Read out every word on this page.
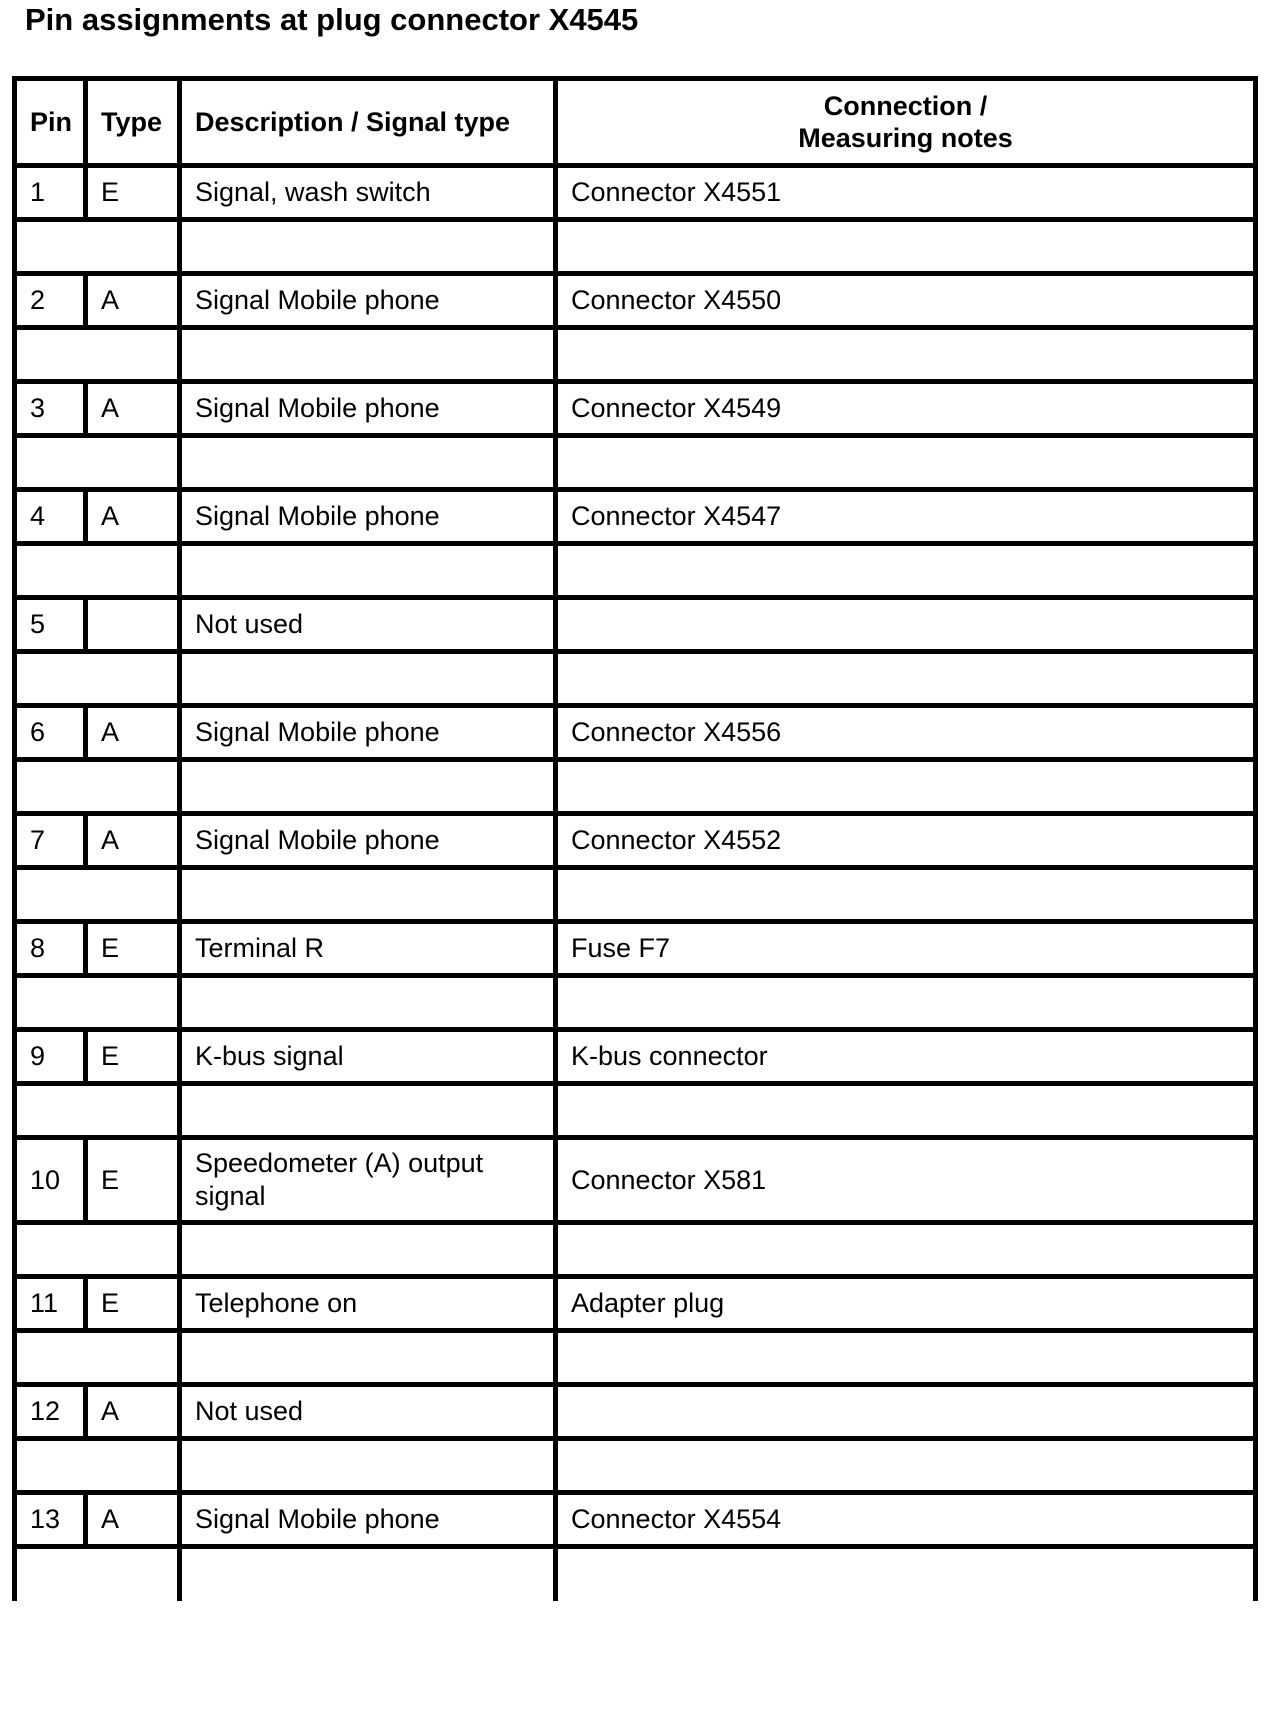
Pin assignments at plug connector X4545
Pin	Type	Description / Signal type	Connection /
Measuring notes
1	E	Signal, wash switch	Connector X4551

2	A	Signal Mobile phone	Connector X4550

3	A	Signal Mobile phone	Connector X4549

4	A	Signal Mobile phone	Connector X4547

5		Not used	

6	A	Signal Mobile phone	Connector X4556

7	A	Signal Mobile phone	Connector X4552

8	E	Terminal R	Fuse F7

9	E	K-bus signal	K-bus connector

10	E	Speedometer (A) output
signal	Connector X581

11	E	Telephone on	Adapter plug

12	A	Not used	

13	A	Signal Mobile phone	Connector X4554
